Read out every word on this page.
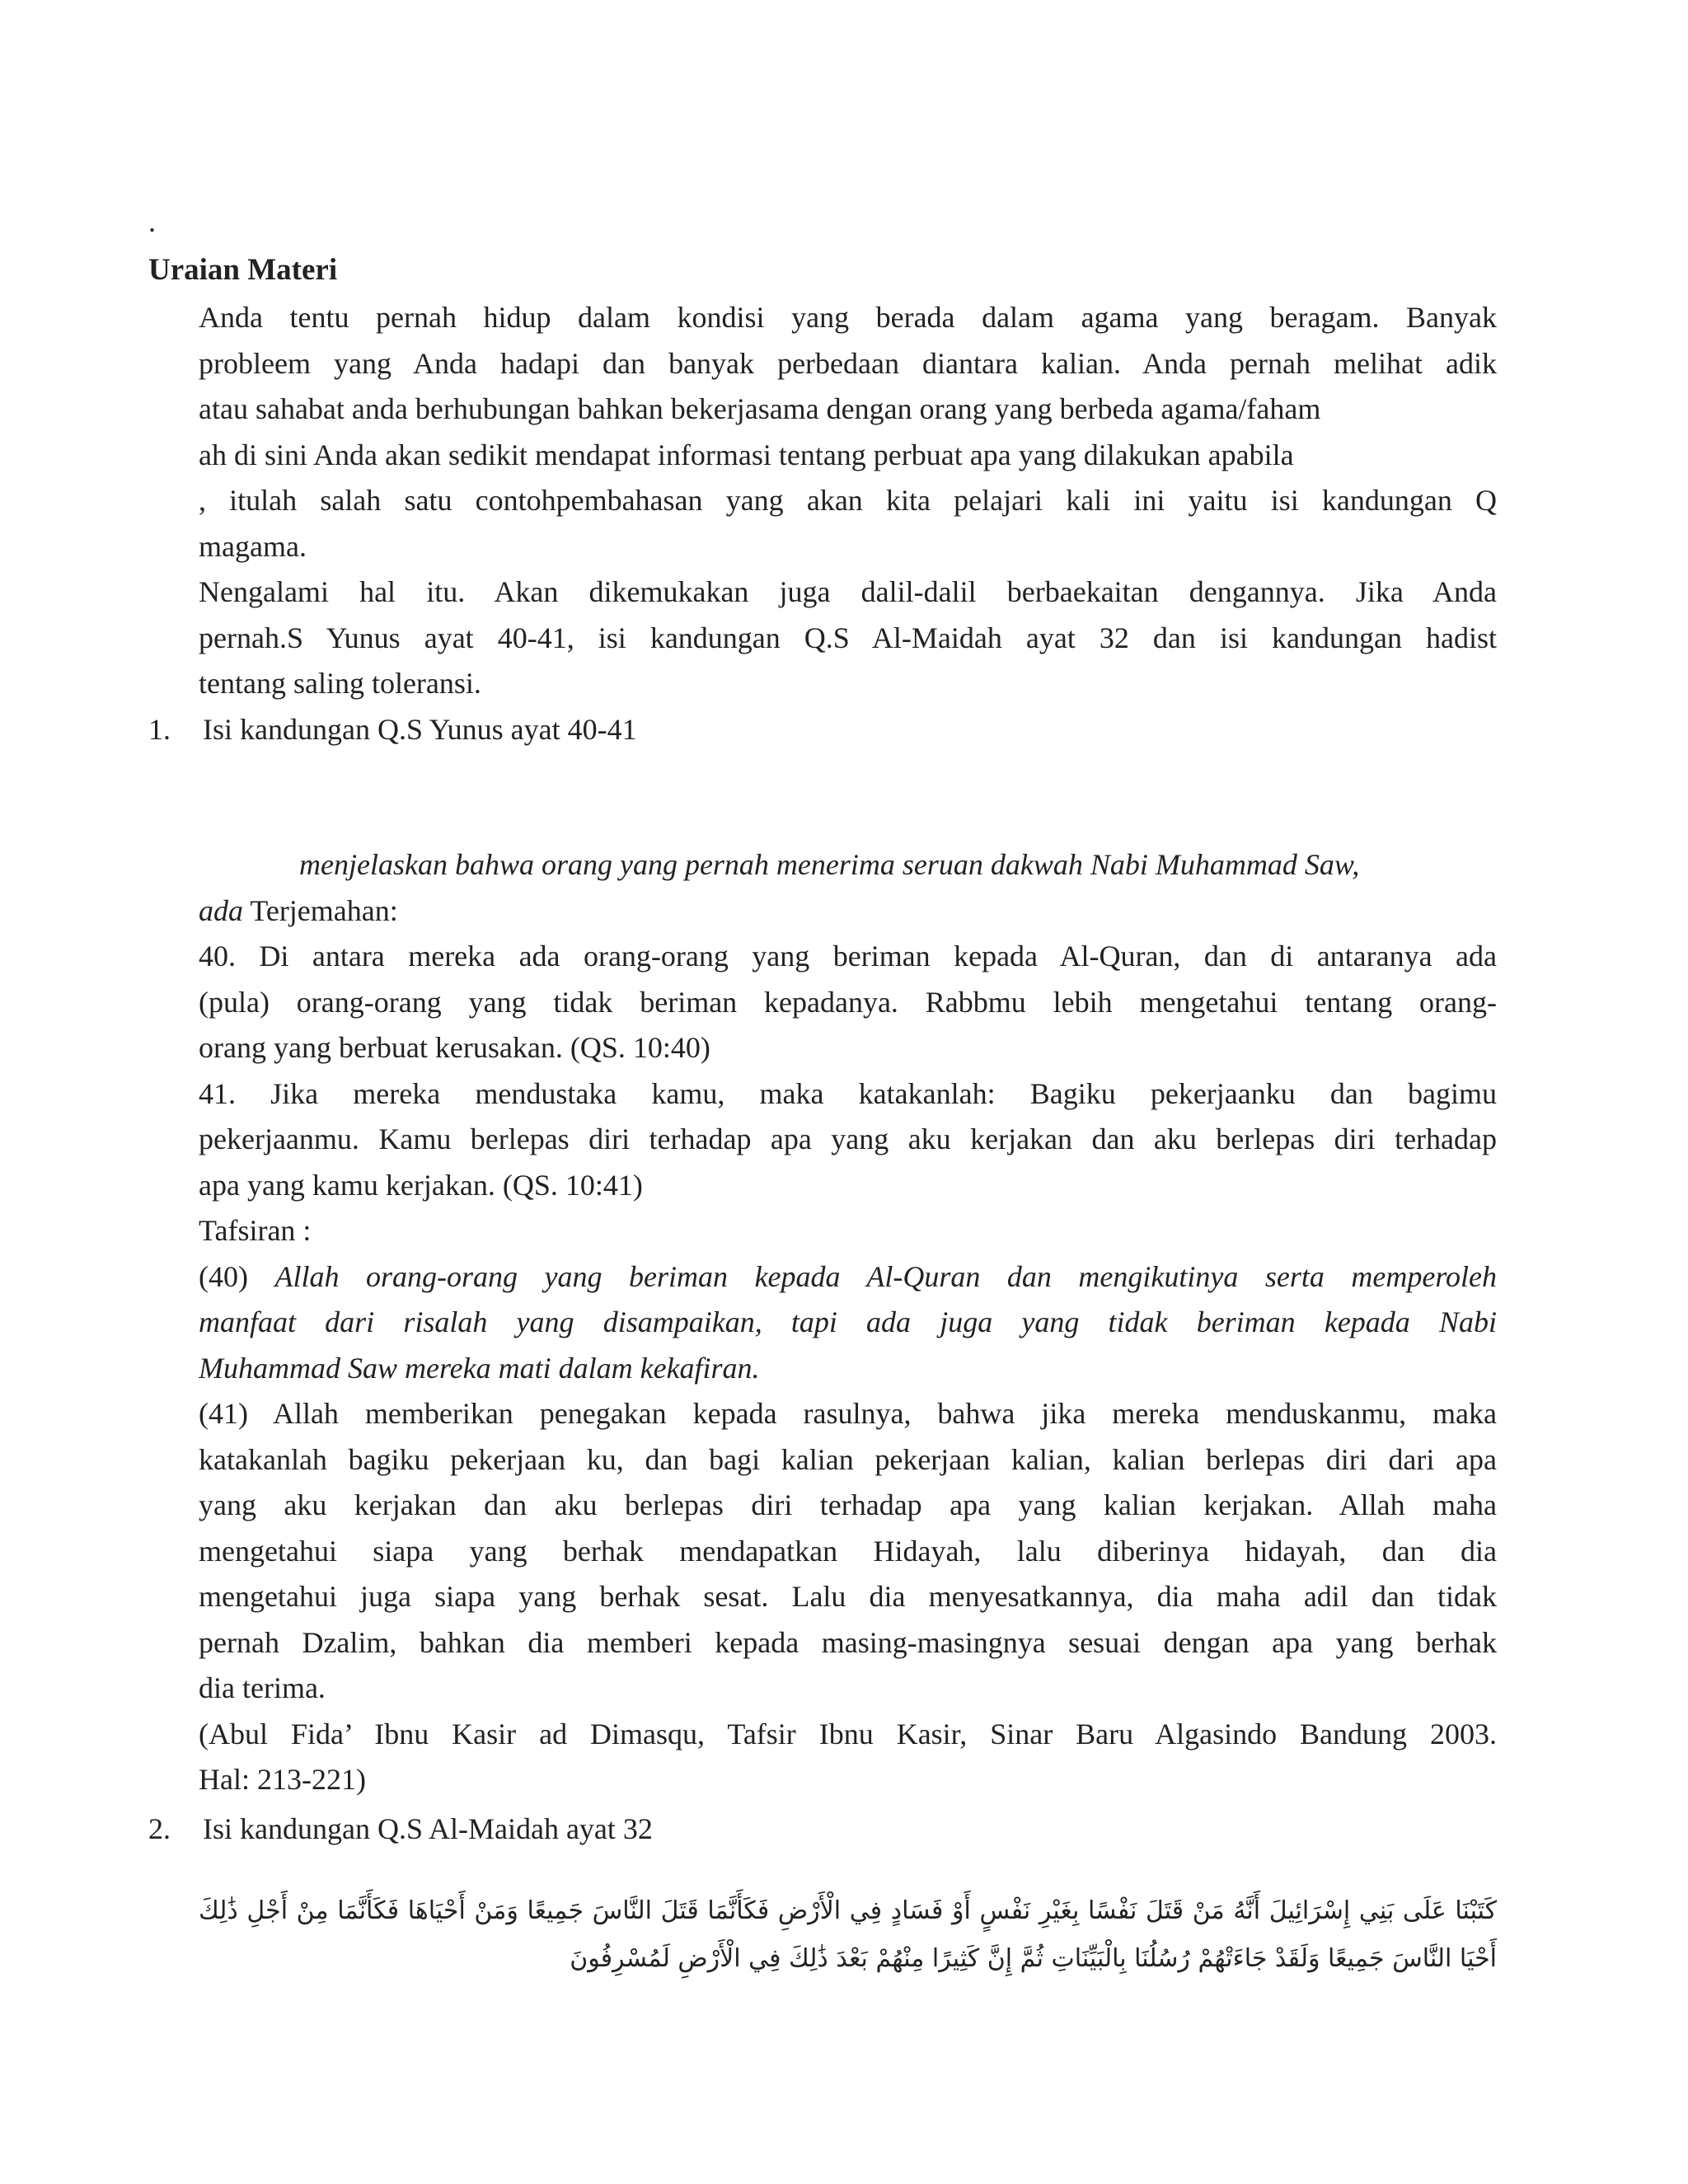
.
Uraian Materi
Anda tentu pernah hidup dalam kondisi yang berada dalam agama yang beragam. Banyak
probleem yang Anda hadapi dan banyak perbedaan diantara kalian. Anda pernah melihat adik
atau sahabat anda berhubungan bahkan bekerjasama dengan orang yang berbeda agama/faham
ah di sini Anda akan sedikit mendapat informasi tentang perbuat apa yang dilakukan apabila
, itulah salah satu contohpembahasan yang akan kita pelajari kali ini yaitu isi kandungan Q
magama.
Nengalami hal itu. Akan dikemukakan juga dalil-dalil berbaekaitan dengannya. Jika Anda
pernah.S Yunus ayat 40-41, isi kandungan Q.S Al-Maidah ayat 32 dan isi kandungan hadist
tentang saling toleransi.
1. Isi kandungan Q.S Yunus ayat 40-41
menjelaskan bahwa orang yang pernah menerima seruan dakwah Nabi Muhammad Saw,
ada Terjemahan:
40. Di antara mereka ada orang-orang yang beriman kepada Al-Quran, dan di antaranya ada
(pula) orang-orang yang tidak beriman kepadanya. Rabbmu lebih mengetahui tentang orang-
orang yang berbuat kerusakan. (QS. 10:40)
41. Jika mereka mendustaka kamu, maka katakanlah: Bagiku pekerjaanku dan bagimu
pekerjaanmu. Kamu berlepas diri terhadap apa yang aku kerjakan dan aku berlepas diri terhadap
apa yang kamu kerjakan. (QS. 10:41)
Tafsiran :
(40) Allah orang-orang yang beriman kepada Al-Quran dan mengikutinya serta memperoleh
manfaat dari risalah yang disampaikan, tapi ada juga yang tidak beriman kepada Nabi
Muhammad Saw mereka mati dalam kekafiran.
(41) Allah memberikan penegakan kepada rasulnya, bahwa jika mereka menduskanmu, maka
katakanlah bagiku pekerjaan ku, dan bagi kalian pekerjaan kalian, kalian berlepas diri dari apa
yang aku kerjakan dan aku berlepas diri terhadap apa yang kalian kerjakan. Allah maha
mengetahui siapa yang berhak mendapatkan Hidayah, lalu diberinya hidayah, dan dia
mengetahui juga siapa yang berhak sesat. Lalu dia menyesatkannya, dia maha adil dan tidak
pernah Dzalim, bahkan dia memberi kepada masing-masingnya sesuai dengan apa yang berhak
dia terima.
(Abul Fida’ Ibnu Kasir ad Dimasqu, Tafsir Ibnu Kasir, Sinar Baru Algasindo Bandung 2003.
Hal: 213-221)
2. Isi kandungan Q.S Al-Maidah ayat 32
كَتَبْنَا عَلَى بَنِي إِسْرَائِيلَ أَنَّهُ مَنْ قَتَلَ نَفْسًا بِغَيْرِ نَفْسٍ أَوْ فَسَادٍ فِي الْأَرْضِ فَكَأَنَّمَا قَتَلَ النَّاسَ جَمِيعًا وَمَنْ أَحْيَاهَا فَكَأَنَّمَا مِنْ أَجْلِ ذَٰلِكَ
أَحْيَا النَّاسَ جَمِيعًا وَلَقَدْ جَاءَتْهُمْ رُسُلُنَا بِالْبَيِّنَاتِ ثُمَّ إِنَّ كَثِيرًا مِنْهُمْ بَعْدَ ذَٰلِكَ فِي الْأَرْضِ لَمُسْرِفُونَ
